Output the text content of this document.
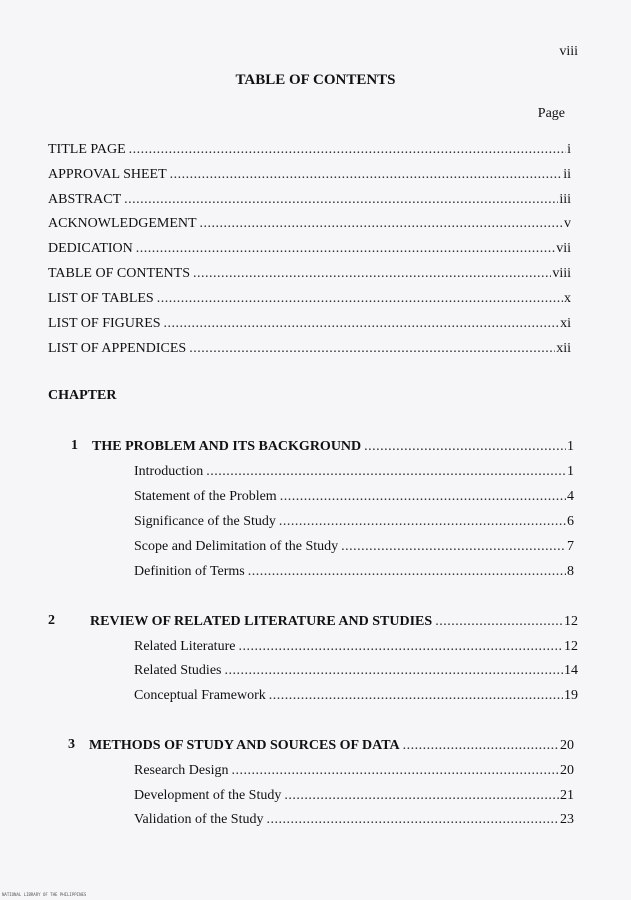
viii
TABLE OF CONTENTS
Page
TITLE PAGE .....	i
APPROVAL SHEET .....	ii
ABSTRACT .....	iii
ACKNOWLEDGEMENT .....	v
DEDICATION .....	vii
TABLE OF CONTENTS .....	viii
LIST OF TABLES .....	x
LIST OF FIGURES .....	xi
LIST OF APPENDICES .....	xii
CHAPTER
1 THE PROBLEM AND ITS BACKGROUND .....	1
Introduction .....	1
Statement of the Problem .....	4
Significance of the Study .....	6
Scope and Delimitation of the Study .....	7
Definition of Terms .....	8
2	REVIEW OF RELATED LITERATURE AND STUDIES .....	12
Related Literature .....	12
Related Studies .....	14
Conceptual Framework .....	19
3 METHODS OF STUDY AND SOURCES OF DATA .....	20
Research Design .....	20
Development of the Study .....	21
Validation of the Study .....	23
NATIONAL LIBRARY OF THE PHILIPPINES
